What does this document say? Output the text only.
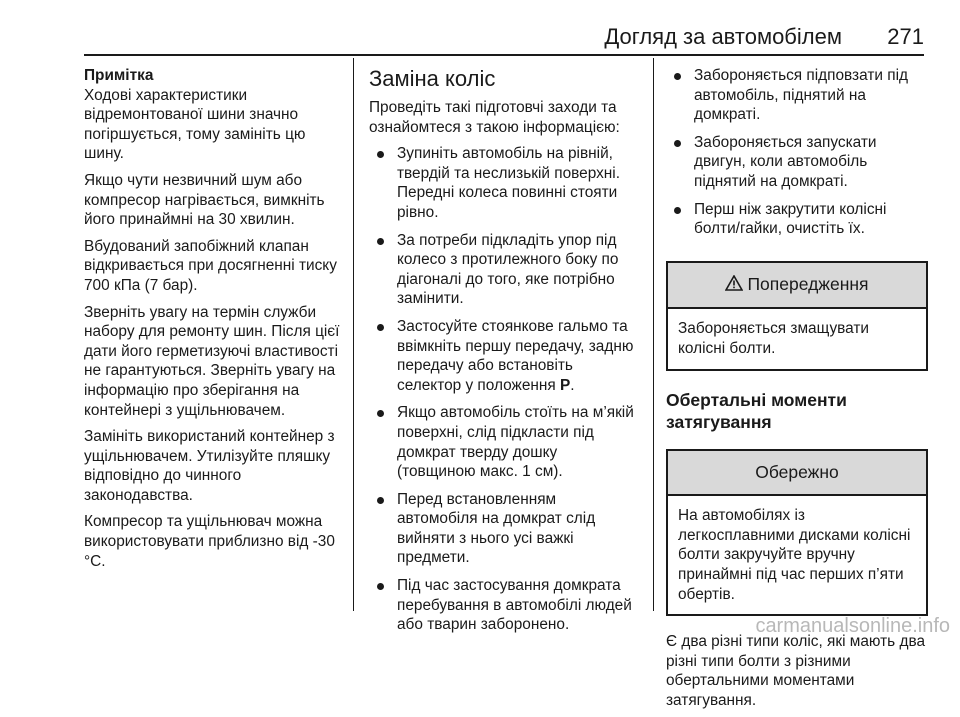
Догляд за автомобілем 271
Примітка

Ходові характеристики відремонтованої шини значно погіршується, тому замініть цю шину.

Якщо чути незвичний шум або компресор нагрівається, вимкніть його принаймні на 30 хвилин.

Вбудований запобіжний клапан відкривається при досягненні тиску 700 кПа (7 бар).

Зверніть увагу на термін служби набору для ремонту шин. Після цієї дати його герметизуючі властивості не гарантуються. Зверніть увагу на інформацію про зберігання на контейнері з ущільнювачем.

Замініть використаний контейнер з ущільнювачем. Утилізуйте пляшку відповідно до чинного законодавства.

Компресор та ущільнювач можна використовувати приблизно від -30 °C.

Заміна коліс

Проведіть такі підготовчі заходи та ознайомтеся з такою інформацією:

Зупиніть автомобіль на рівній, твердій та неслизькій поверхні. Передні колеса повинні стояти рівно.
За потреби підкладіть упор під колесо з протилежного боку по діагоналі до того, яке потрібно замінити.
Застосуйте стоянкове гальмо та ввімкніть першу передачу, задню передачу або встановіть селектор у положення P.
Якщо автомобіль стоїть на м’якій поверхні, слід підкласти під домкрат тверду дошку (товщиною макс. 1 см).
Перед встановленням автомобіля на домкрат слід вийняти з нього усі важкі предмети.
Під час застосування домкрата перебування в автомобілі людей або тварин заборонено.
Забороняється підповзати під автомобіль, піднятий на домкраті.
Забороняється запускати двигун, коли автомобіль піднятий на домкраті.
Перш ніж закрутити колісні болти/гайки, очистіть їх.
Попередження
Забороняється змащувати колісні болти.
Обертальні моменти затягування
Обережно
На автомобілях із легкосплавними дисками колісні болти закручуйте вручну принаймні під час перших п’яти обертів.

Є два різні типи коліс, які мають два різні типи болти з різними обертальними моментами затягування.

carmanualsonline.info
